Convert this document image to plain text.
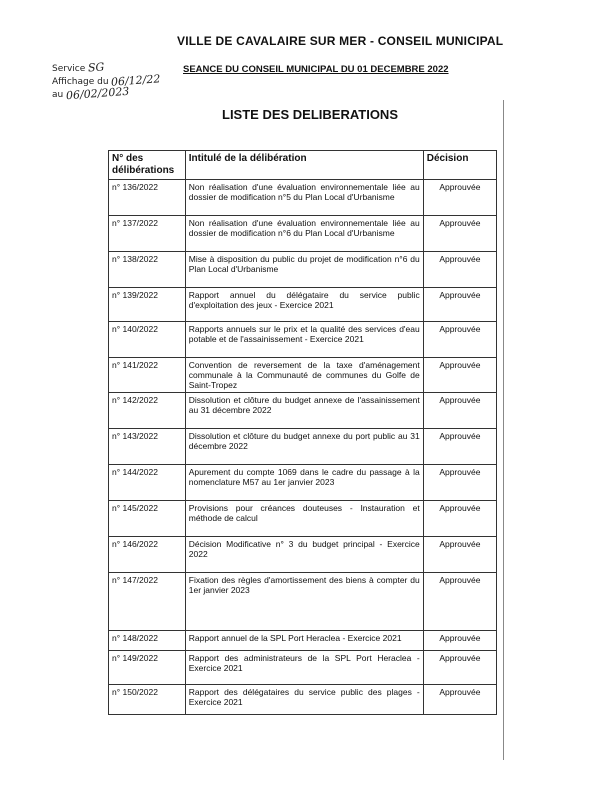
VILLE DE CAVALAIRE SUR MER - CONSEIL MUNICIPAL
SEANCE DU CONSEIL MUNICIPAL DU 01 DECEMBRE 2022
Service SG
Affichage du 06/12/22
au 06/02/2023
LISTE DES DELIBERATIONS
N° des délibérations	Intitulé de la délibération	Décision
n° 136/2022	Non réalisation d'une évaluation environnementale liée au dossier de modification n°5 du Plan Local d'Urbanisme	Approuvée
n° 137/2022	Non réalisation d'une évaluation environnementale liée au dossier de modification n°6 du Plan Local d'Urbanisme	Approuvée
n° 138/2022	Mise à disposition du public du projet de modification n°6 du Plan Local d'Urbanisme	Approuvée
n° 139/2022	Rapport annuel du délégataire du service public d'exploitation des jeux - Exercice 2021	Approuvée
n° 140/2022	Rapports annuels sur le prix et la qualité des services d'eau potable et de l'assainissement - Exercice 2021	Approuvée
n° 141/2022	Convention de reversement de la taxe d'aménagement communale à la Communauté de communes du Golfe de Saint-Tropez	Approuvée
n° 142/2022	Dissolution et clôture du budget annexe de l'assainissement au 31 décembre 2022	Approuvée
n° 143/2022	Dissolution et clôture du budget annexe du port public au 31 décembre 2022	Approuvée
n° 144/2022	Apurement du compte 1069 dans le cadre du passage à la nomenclature M57 au 1er janvier 2023	Approuvée
n° 145/2022	Provisions pour créances douteuses - Instauration et méthode de calcul	Approuvée
n° 146/2022	Décision Modificative n° 3 du budget principal - Exercice 2022	Approuvée
n° 147/2022	Fixation des règles d'amortissement des biens à compter du 1er janvier 2023	Approuvée
n° 148/2022	Rapport annuel de la SPL Port Heraclea - Exercice 2021	Approuvée
n° 149/2022	Rapport des administrateurs de la SPL Port Heraclea - Exercice 2021	Approuvée
n° 150/2022	Rapport des délégataires du service public des plages - Exercice 2021	Approuvée
